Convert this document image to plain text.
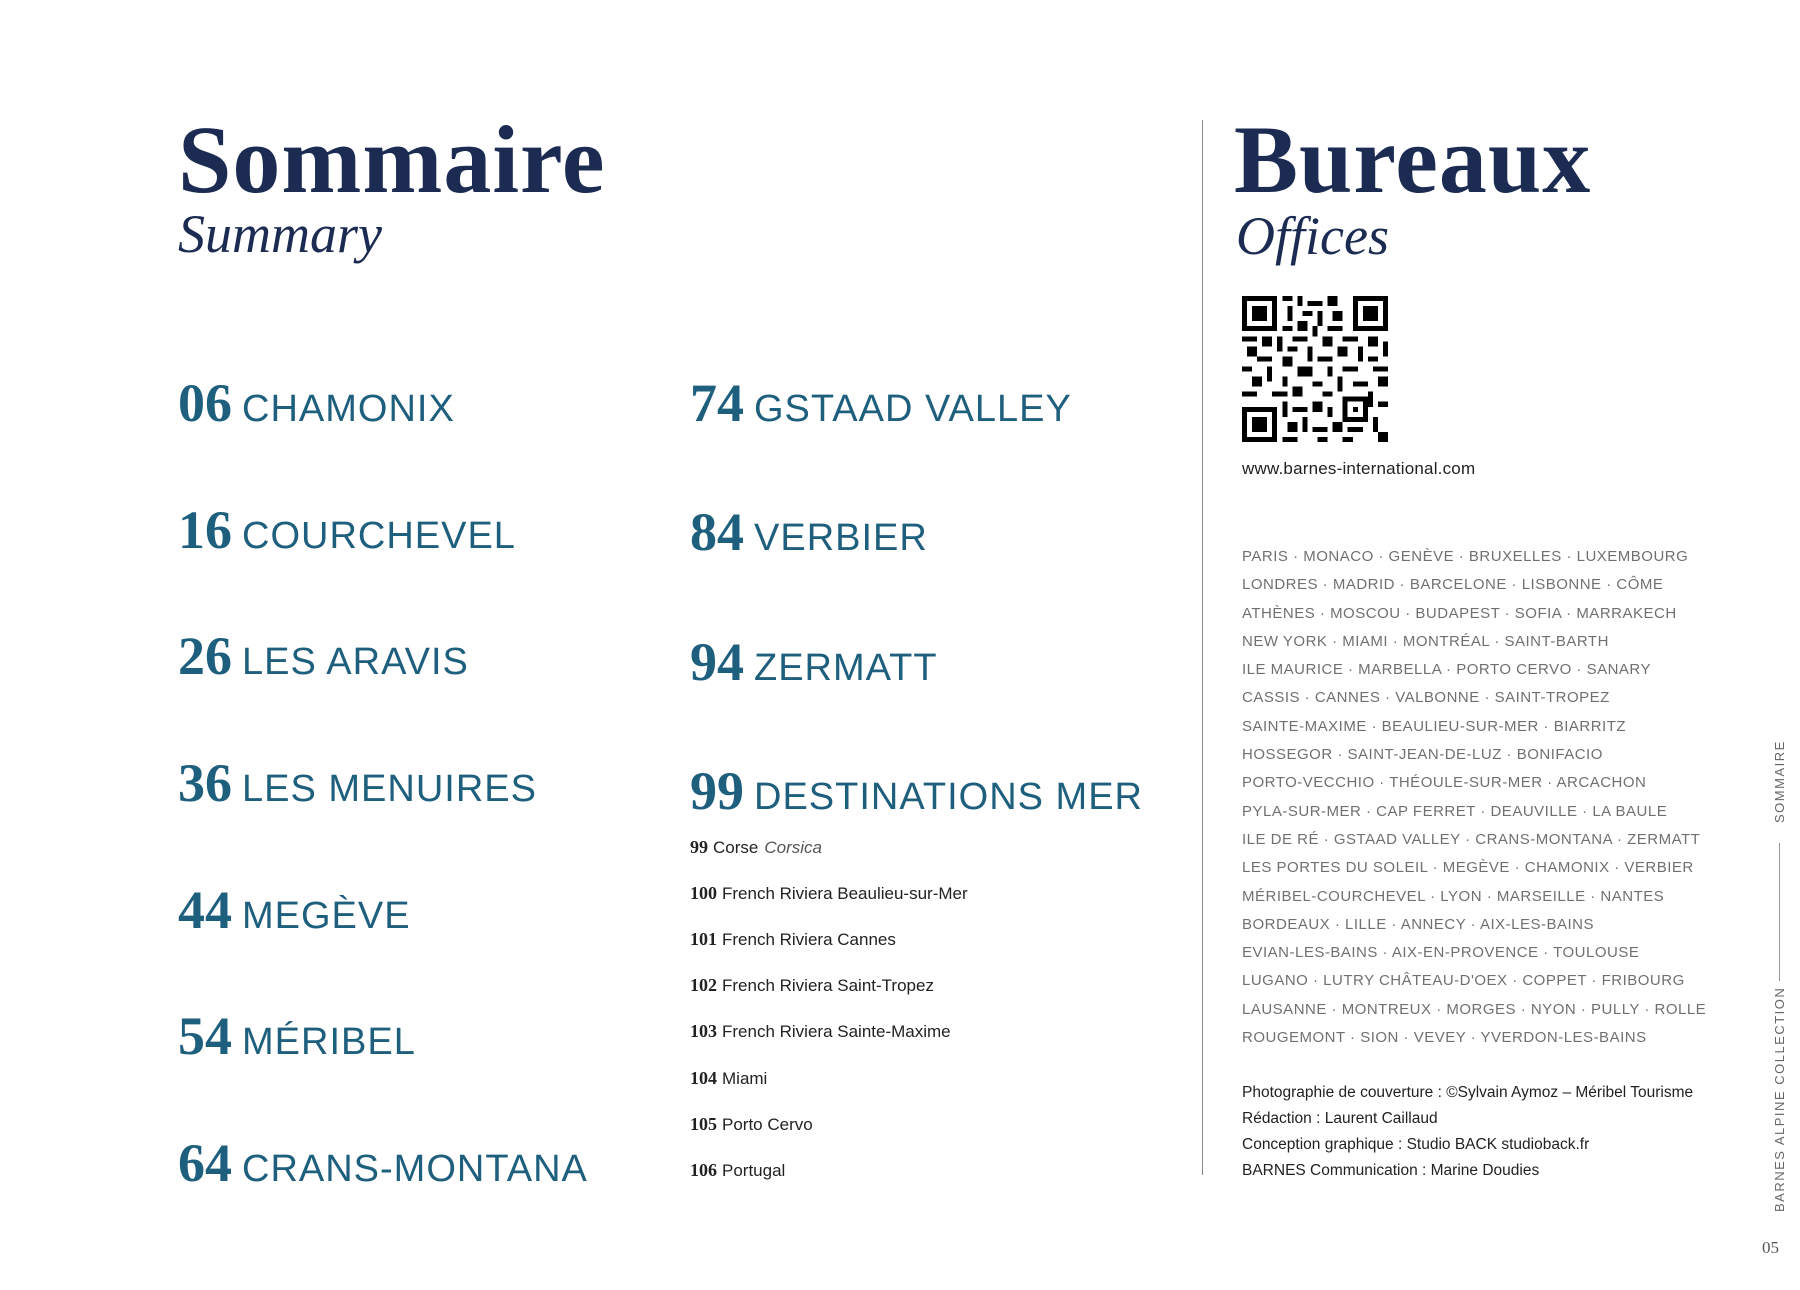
Sommaire
Summary
06 CHAMONIX
16 COURCHEVEL
26 LES ARAVIS
36 LES MENUIRES
44 MEGÈVE
54 MÉRIBEL
64 CRANS-MONTANA
74 GSTAAD VALLEY
84 VERBIER
94 ZERMATT
99 DESTINATIONS MER
99 Corse Corsica
100 French Riviera Beaulieu-sur-Mer
101 French Riviera Cannes
102 French Riviera Saint-Tropez
103 French Riviera Sainte-Maxime
104 Miami
105 Porto Cervo
106 Portugal
Bureaux
Offices
www.barnes-international.com
PARIS · MONACO · GENÈVE · BRUXELLES · LUXEMBOURG
LONDRES · MADRID · BARCELONE · LISBONNE · CÔME
ATHÈNES · MOSCOU · BUDAPEST · SOFIA · MARRAKECH
NEW YORK · MIAMI · MONTRÉAL · SAINT-BARTH
ILE MAURICE · MARBELLA · PORTO CERVO · SANARY
CASSIS · CANNES · VALBONNE · SAINT-TROPEZ
SAINTE-MAXIME · BEAULIEU-SUR-MER · BIARRITZ
HOSSEGOR · SAINT-JEAN-DE-LUZ · BONIFACIO
PORTO-VECCHIO · THÉOULE-SUR-MER · ARCACHON
PYLA-SUR-MER · CAP FERRET · DEAUVILLE · LA BAULE
ILE DE RÉ · GSTAAD VALLEY · CRANS-MONTANA · ZERMATT
LES PORTES DU SOLEIL · MEGÈVE · CHAMONIX · VERBIER
MÉRIBEL-COURCHEVEL · LYON · MARSEILLE · NANTES
BORDEAUX · LILLE · ANNECY · AIX-LES-BAINS
EVIAN-LES-BAINS · AIX-EN-PROVENCE · TOULOUSE
LUGANO · LUTRY CHÂTEAU-D'OEX · COPPET · FRIBOURG
LAUSANNE · MONTREUX · MORGES · NYON · PULLY · ROLLE
ROUGEMONT · SION · VEVEY · YVERDON-LES-BAINS
Photographie de couverture : ©Sylvain Aymoz – Méribel Tourisme
Rédaction : Laurent Caillaud
Conception graphique : Studio BACK studioback.fr
BARNES Communication : Marine Doudies
SOMMAIRE
BARNES ALPINE COLLECTION
05
